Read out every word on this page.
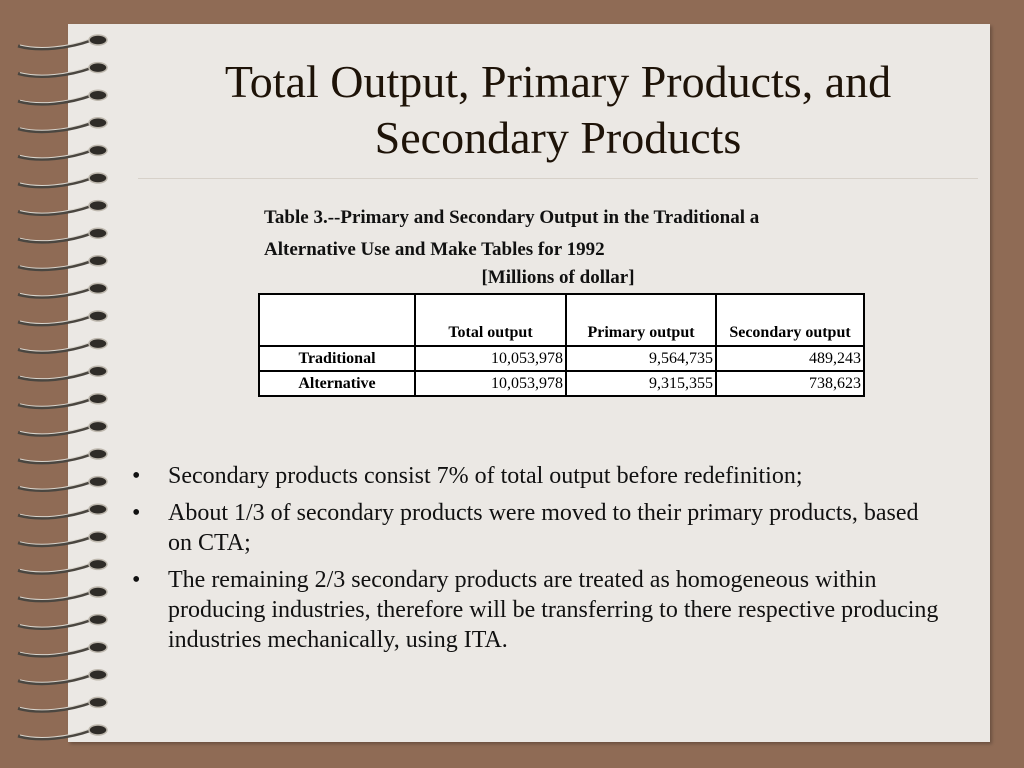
Total Output, Primary Products, and
Secondary Products
Table 3.--Primary and Secondary Output in the Traditional a
Alternative Use and Make Tables for 1992
[Millions of dollar]
	Total output	Primary output	Secondary output
Traditional	10,053,978	9,564,735	489,243
Alternative	10,053,978	9,315,355	738,623
• Secondary products consist 7% of total output before redefinition;
• About 1/3 of secondary products were moved to their primary products, based on CTA;
• The remaining 2/3 secondary products are treated as homogeneous within producing industries, therefore will be transferring to there respective producing industries mechanically, using ITA.
